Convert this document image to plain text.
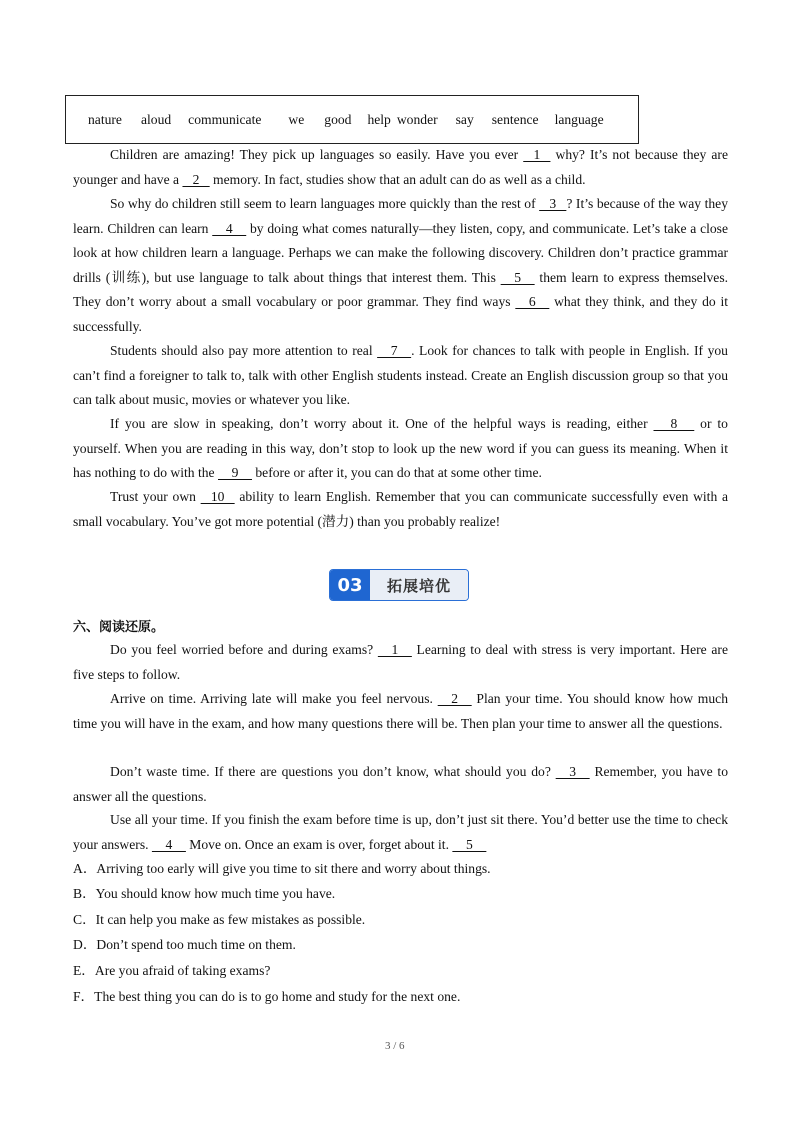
nature aloud communicate we good help wonder say sentence language
Children are amazing! They pick up languages so easily. Have you ever    1    why? It’s not because they are younger and have a    2    memory. In fact, studies show that an adult can do as well as a child.
So why do children still seem to learn languages more quickly than the rest of    3   ? It’s because of the way they learn. Children can learn     4     by doing what comes naturally—they listen, copy, and communicate. Let’s take a close look at how children learn a language. Perhaps we can make the following discovery. Children don’t practice grammar drills (训练), but use language to talk about things that interest them. This     5     them learn to express themselves. They don’t worry about a small vocabulary or poor grammar. They find ways     6     what they think, and they do it successfully.
Students should also pay more attention to real     7    . Look for chances to talk with people in English. If you can’t find a foreigner to talk to, talk with other English students instead. Create an English discussion group so that you can talk about music, movies or whatever you like.
If you are slow in speaking, don’t worry about it. One of the helpful ways is reading, either      8      or to yourself. When you are reading in this way, don’t stop to look up the new word if you can guess its meaning. When it has nothing to do with the     9     before or after it, you can do that at some other time.
Trust your own    10    ability to learn English. Remember that you can communicate successfully even with a small vocabulary. You’ve got more potential (潜力) than you probably realize!
03	拓展培优
六、阅读还原。
Do you feel worried before and during exams?     1     Learning to deal with stress is very important. Here are five steps to follow.
Arrive on time. Arriving late will make you feel nervous.     2     Plan your time. You should know how much time you will have in the exam, and how many questions there will be. Then plan your time to answer all the questions.
Don’t waste time. If there are questions you don’t know, what should you do?     3     Remember, you have to answer all the questions.
Use all your time. If you finish the exam before time is up, don’t just sit there. You’d better use the time to check your answers.     4     Move on. Once an exam is over, forget about it.     5
A．Arriving too early will give you time to sit there and worry about things.
B．You should know how much time you have.
C．It can help you make as few mistakes as possible.
D．Don’t spend too much time on them.
E．Are you afraid of taking exams?
F．The best thing you can do is to go home and study for the next one.
3 / 6
